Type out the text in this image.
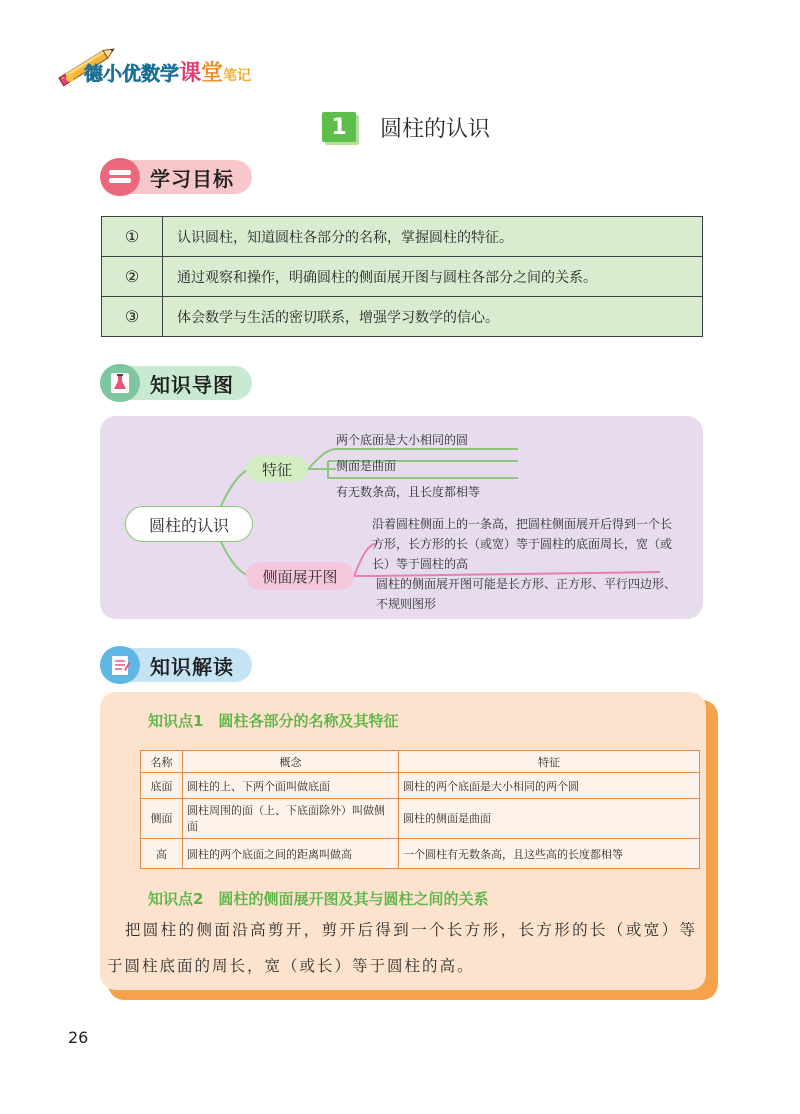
德小优数学课堂笔记
1	圆柱的认识
学习目标
①	认识圆柱，知道圆柱各部分的名称，掌握圆柱的特征。
②	通过观察和操作，明确圆柱的侧面展开图与圆柱各部分之间的关系。
③	体会数学与生活的密切联系，增强学习数学的信心。
知识导图
圆柱的认识
特征
侧面展开图
两个底面是大小相同的圆
侧面是曲面
有无数条高，且长度都相等
沿着圆柱侧面上的一条高，把圆柱侧面展开后得到一个长方形，长方形的长（或宽）等于圆柱的底面周长，宽（或长）等于圆柱的高
圆柱的侧面展开图可能是长方形、正方形、平行四边形、不规则图形
知识解读
知识点1　圆柱各部分的名称及其特征
名称	概念	特征
底面	圆柱的上、下两个面叫做底面	圆柱的两个底面是大小相同的两个圆
侧面	圆柱周围的面（上、下底面除外）叫做侧面	圆柱的侧面是曲面
高	圆柱的两个底面之间的距离叫做高	一个圆柱有无数条高，且这些高的长度都相等
知识点2　圆柱的侧面展开图及其与圆柱之间的关系
　把圆柱的侧面沿高剪开，剪开后得到一个长方形，长方形的长（或宽）等于圆柱底面的周长，宽（或长）等于圆柱的高。
26
